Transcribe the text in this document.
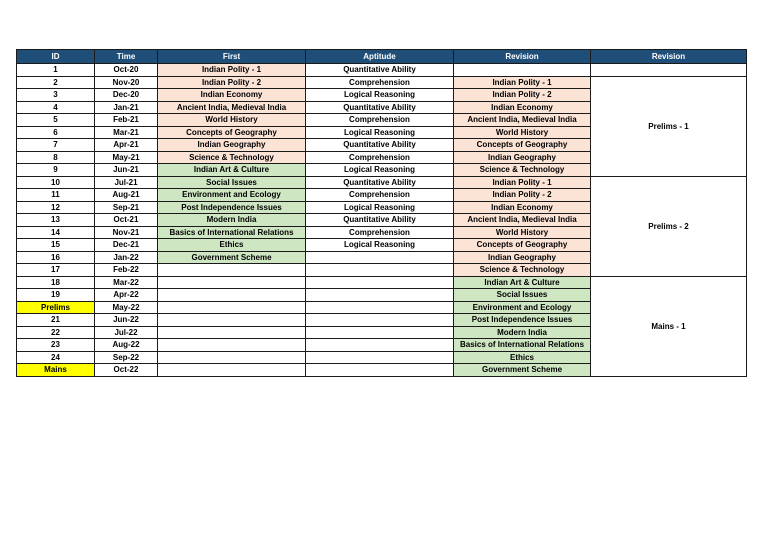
ID	Time	First	Aptitude	Revision	Revision
1	Oct-20	Indian Polity - 1	Quantitative Ability		
2	Nov-20	Indian Polity - 2	Comprehension	Indian Polity - 1	Prelims - 1
3	Dec-20	Indian Economy	Logical Reasoning	Indian Polity - 2	
4	Jan-21	Ancient India, Medieval India	Quantitative Ability	Indian Economy	
5	Feb-21	World History	Comprehension	Ancient India, Medieval India	
6	Mar-21	Concepts of Geography	Logical Reasoning	World History	
7	Apr-21	Indian Geography	Quantitative Ability	Concepts of Geography	
8	May-21	Science & Technology	Comprehension	Indian Geography	
9	Jun-21	Indian Art & Culture	Logical Reasoning	Science & Technology	
10	Jul-21	Social Issues	Quantitative Ability	Indian Polity - 1	Prelims - 2
11	Aug-21	Environment and Ecology	Comprehension	Indian Polity - 2	
12	Sep-21	Post Independence Issues	Logical Reasoning	Indian Economy	
13	Oct-21	Modern India	Quantitative Ability	Ancient India, Medieval India	
14	Nov-21	Basics of International Relations	Comprehension	World History	
15	Dec-21	Ethics	Logical Reasoning	Concepts of Geography	
16	Jan-22	Government Scheme		Indian Geography	
17	Feb-22			Science & Technology	
18	Mar-22			Indian Art & Culture	Mains - 1
19	Apr-22			Social Issues	
Prelims	May-22			Environment and Ecology	
21	Jun-22			Post Independence Issues	
22	Jul-22			Modern India	
23	Aug-22			Basics of International Relations	
24	Sep-22			Ethics	
Mains	Oct-22			Government Scheme	
